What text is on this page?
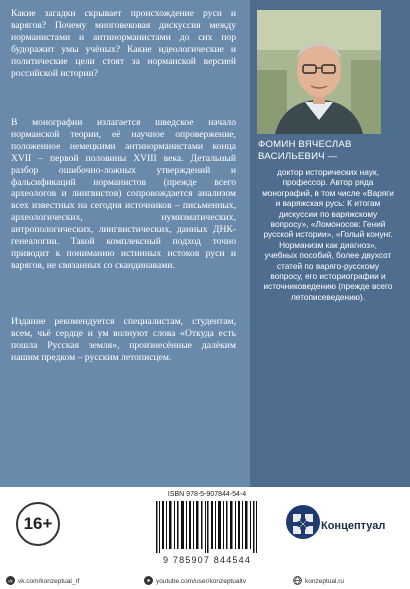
Какие загадки скрывает происхождение руси и варягов? Почему многовековая дискуссия между норманистами и антинорманистами до сих пор будоражит умы учёных? Какие идеологические и политические цели стоят за норманской версией российской истории?

В монографии излагается шведское начало норманской теории, её научное опровержение, положенное немецкими антинорманистами конца XVII – первой половины XVIII века. Детальный разбор ошибочно-ложных утверждений и фальсификаций норманистов (прежде всего археологов и лингвистов) сопровождается анализом всех известных на сегодня источников – письменных, археологических, нумизматических, антропологических, лингвистических, данных ДНК-генеалогии. Такой комплексный подход точно приводит к пониманию истинных истоков руси и варягов, не связанных со скандинавами.

Издание рекомендуется специалистам, студентам, всем, чьё сердце и ум волнуют слова «Откуда есть пошла Русская земля», произнесённые далёким нашим предком – русским летописцем.

ФОМИН ВЯЧЕСЛАВ
ВАСИЛЬЕВИЧ —

доктор исторических наук, профессор. Автор ряда монографий, в том числе «Варяги и варяжская русь: К итогам дискуссии по варяжскому вопросу», «Ломоносов: Гений русской истории», «Голый конунг. Норманизм как диагноз», учебных пособий, более двухсот статей по варяго-русскому вопросу, его историографии и источниковедению (прежде всего летописеведению).

16+
ISBN 978-5-907844-54-4
9 785907 844544
Концептуал
vk vk.com/konzeptual_rf	youtube.com/user/konzeptualtv	konzeptual.ru
